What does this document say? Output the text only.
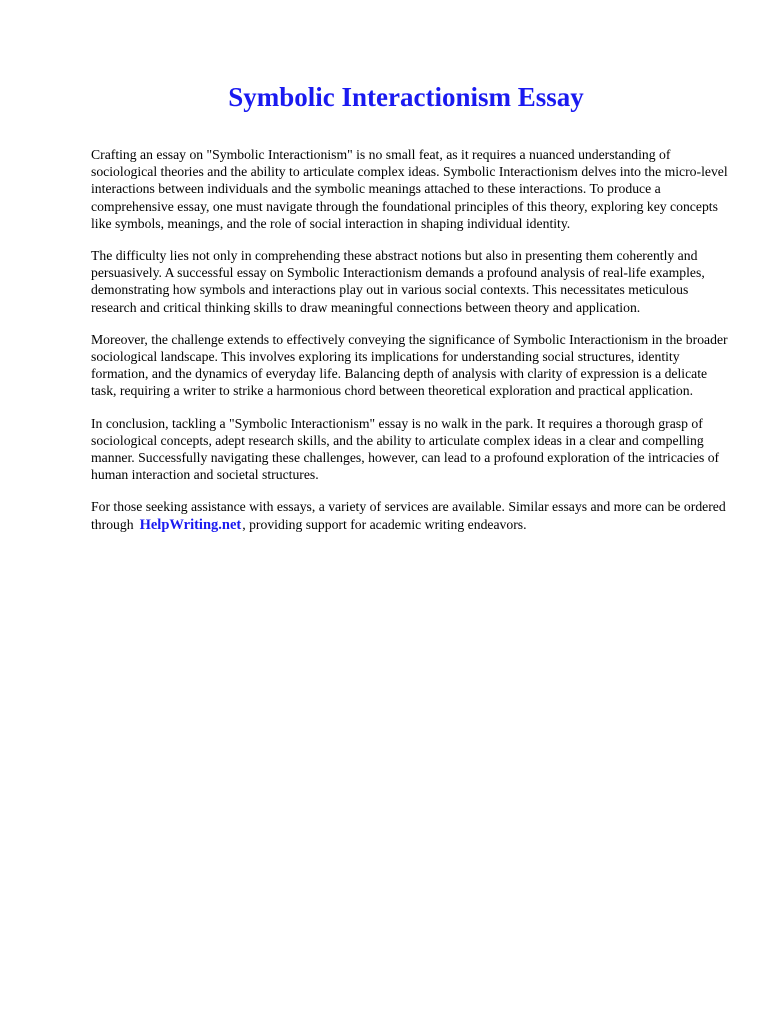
Symbolic Interactionism Essay

Crafting an essay on "Symbolic Interactionism" is no small feat, as it requires a nuanced understanding of sociological theories and the ability to articulate complex ideas. Symbolic Interactionism delves into the micro-level interactions between individuals and the symbolic meanings attached to these interactions. To produce a comprehensive essay, one must navigate through the foundational principles of this theory, exploring key concepts like symbols, meanings, and the role of social interaction in shaping individual identity.

The difficulty lies not only in comprehending these abstract notions but also in presenting them coherently and persuasively. A successful essay on Symbolic Interactionism demands a profound analysis of real-life examples, demonstrating how symbols and interactions play out in various social contexts. This necessitates meticulous research and critical thinking skills to draw meaningful connections between theory and application.

Moreover, the challenge extends to effectively conveying the significance of Symbolic Interactionism in the broader sociological landscape. This involves exploring its implications for understanding social structures, identity formation, and the dynamics of everyday life. Balancing depth of analysis with clarity of expression is a delicate task, requiring a writer to strike a harmonious chord between theoretical exploration and practical application.

In conclusion, tackling a "Symbolic Interactionism" essay is no walk in the park. It requires a thorough grasp of sociological concepts, adept research skills, and the ability to articulate complex ideas in a clear and compelling manner. Successfully navigating these challenges, however, can lead to a profound exploration of the intricacies of human interaction and societal structures.

For those seeking assistance with essays, a variety of services are available. Similar essays and more can be ordered through HelpWriting.net, providing support for academic writing endeavors.
